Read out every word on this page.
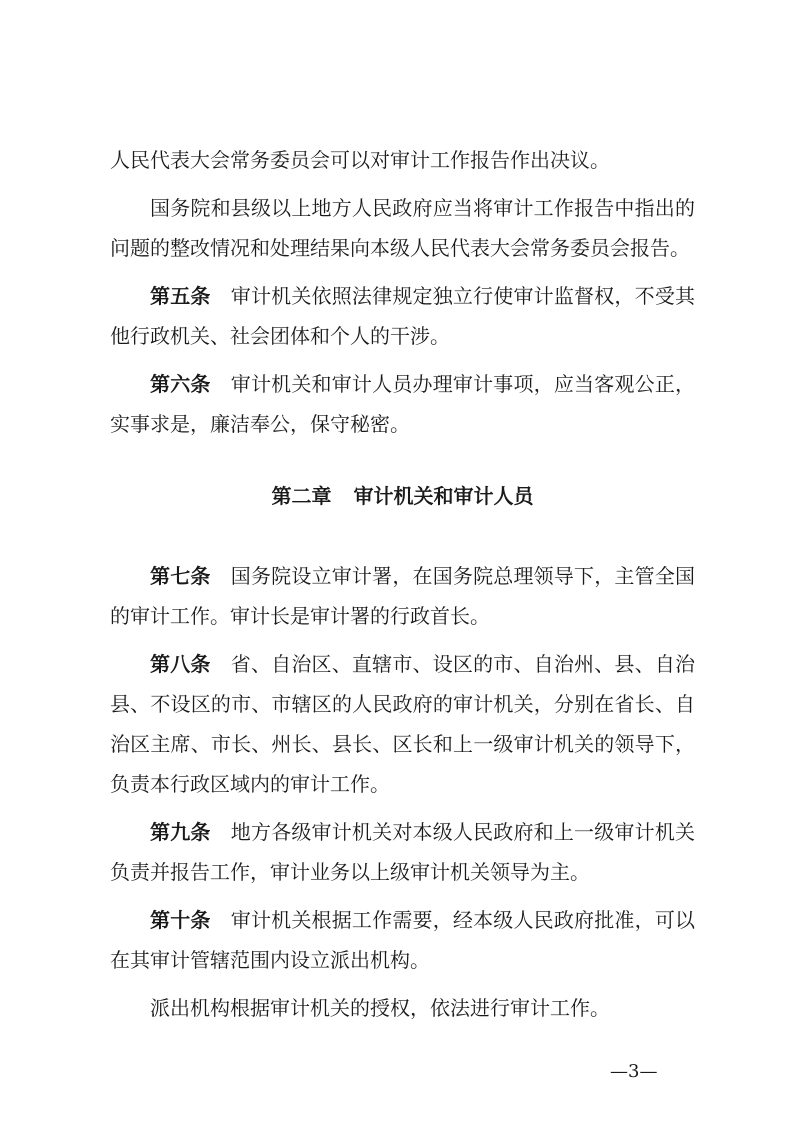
人民代表大会常务委员会可以对审计工作报告作出决议。

国务院和县级以上地方人民政府应当将审计工作报告中指出的问题的整改情况和处理结果向本级人民代表大会常务委员会报告。

第五条　 审计机关依照法律规定独立行使审计监督权，不受其他行政机关、社会团体和个人的干涉。

第六条　 审计机关和审计人员办理审计事项，应当客观公正，实事求是，廉洁奉公，保守秘密。

第二章 审计机关和审计人员

第七条　 国务院设立审计署，在国务院总理领导下，主管全国的审计工作。审计长是审计署的行政首长。

第八条　 省、自治区、直辖市、设区的市、自治州、县、自治县、不设区的市、市辖区的人民政府的审计机关，分别在省长、自治区主席、市长、州长、县长、区长和上一级审计机关的领导下，负责本行政区域内的审计工作。

第九条　 地方各级审计机关对本级人民政府和上一级审计机关负责并报告工作，审计业务以上级审计机关领导为主。

第十条　 审计机关根据工作需要，经本级人民政府批准，可以在其审计管辖范围内设立派出机构。

派出机构根据审计机关的授权，依法进行审计工作。

—3—
